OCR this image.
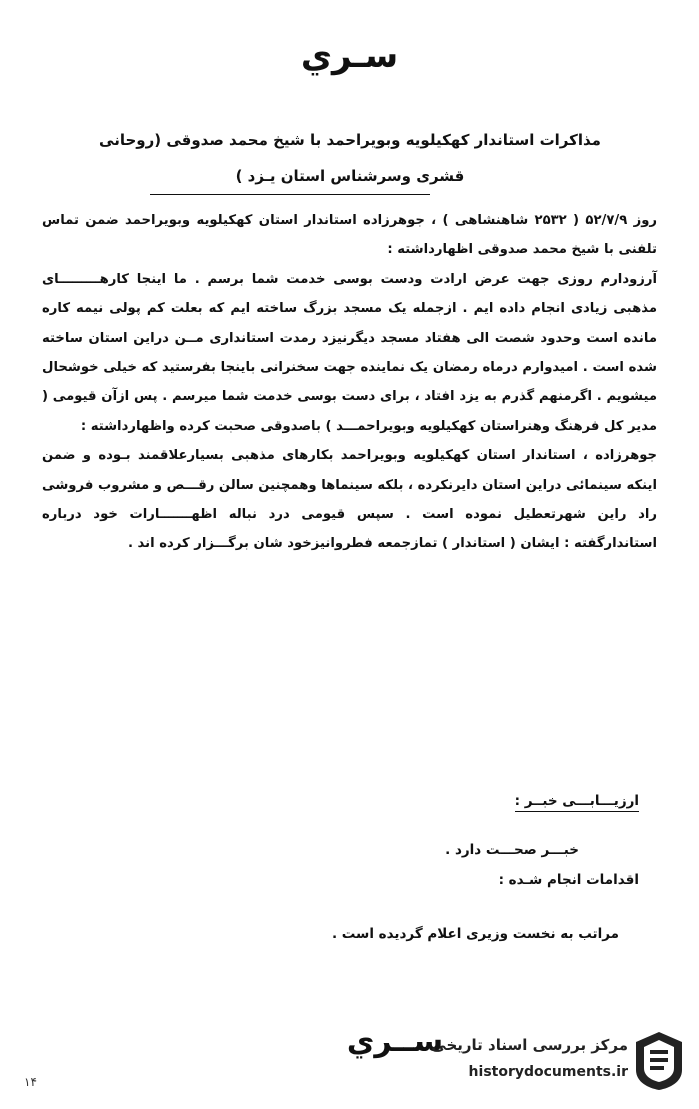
سـري
مذاكرات استاندار کهکيلويه وبويراحمد با شيخ محمد صدوقی (روحانی
قشری وسرشناس استان يـزد )

روز ۵۲/۷/۹ ( ۲۵۳۲ شاهنشاهی ) ، جوهرزاده استاندار استان کهکيلويه وبويراحمد ضمن تماس تلفنی با شيخ محمد صدوقی اظهارداشته :

آرزودارم روزی جهت عرض ارادت ودست بوسی خدمت شما برسم . ما اينجا کارهـــــــــای مذهبی زيادی انجام داده ايم . ازجمله يک مسجد بزرگ ساخته ايم که بعلت کم پولی نيمه کاره مانده است وحدود شصت الی هفتاد مسجد ديگرنيزد رمدت استانداری مــن دراين استان ساخته شده است . اميدوارم درماه رمضان يک نماينده جهت سخنرانی باينجا بفرستيد که خيلی خوشحال ميشويم . اگرمنهم گذرم به يزد افتاد ، برای دست بوسی خدمت شما ميرسم . پس ازآن قيومی ( مدير کل فرهنگ وهنراستان کهکيلويه وبويراحمـــد ) باصدوقی صحبت کرده واظهارداشته :

جوهرزاده ، استاندار استان کهکيلويه وبويراحمد بکارهای مذهبی بسيارعلاقمند بـوده و ضمن اينکه سينمائی دراين استان دايرنکرده ، بلکه سينماها وهمچنين سالن رقـــص و مشروب فروشی راد راين شهرتعطيل نموده است . سپس قيومی درد نباله اظهـــــــارات خود درباره استاندارگفته : ايشان ( استاندار ) تمازجمعه فطروانيزخود شان برگـــزار کرده اند .

ارزيـــابـــی خبــر :
خبـــر صحـــت دارد .
اقدامات انجام شـده :
مراتب به نخست وزيری اعلام گرديده است .
ســري
۱۴
مرکز بررسی اسناد تاریخی
historydocuments.ir
